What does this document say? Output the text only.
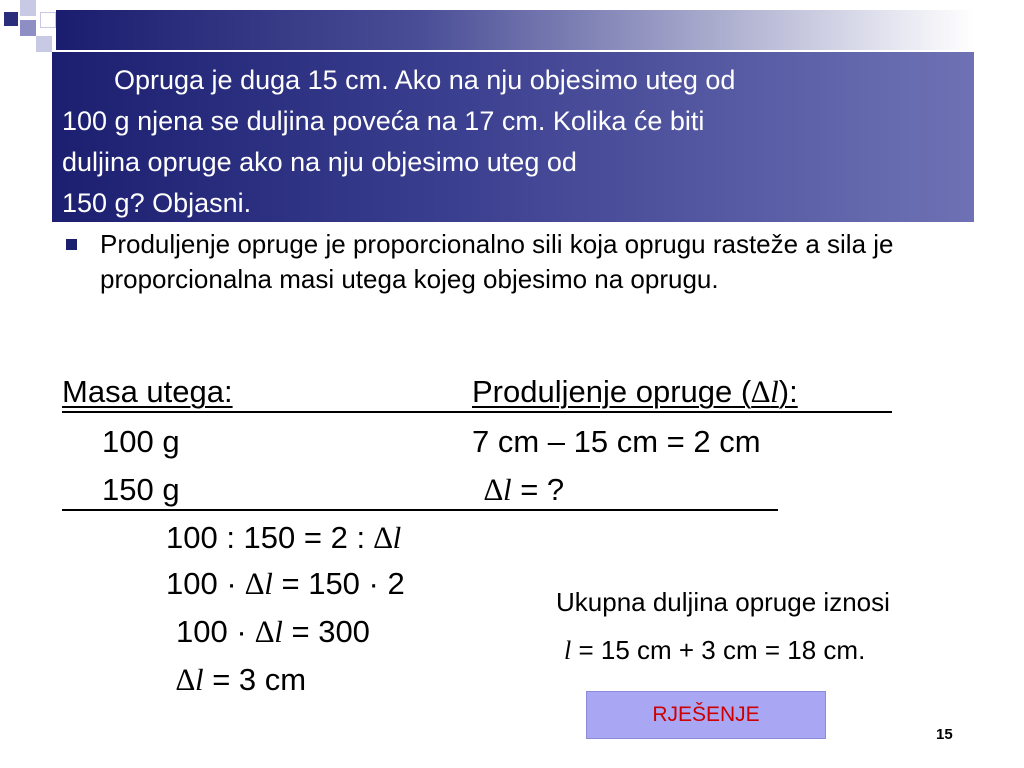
Opruga je duga 15 cm. Ako na nju objesimo uteg od
100 g njena se duljina povećа na 17 cm. Kolika će biti
duljina opruge ako na nju objesimo uteg od
150 g? Objasni.
Produljenje opruge je proporcionalno sili koja oprugu rasteže a sila je proporcionalna masi utega kojeg objesimo na oprugu.
Masa utega:	Produljenje opruge (∆l):
100 g	7 cm – 15 cm = 2 cm
150 g	∆l = ?
100 : 150 = 2 : ∆l
100 · ∆l = 150 · 2
100 · ∆l = 300
∆l = 3 cm
Ukupna duljina opruge iznosi
l = 15 cm + 3 cm = 18 cm.
RJEŠENJE
15
